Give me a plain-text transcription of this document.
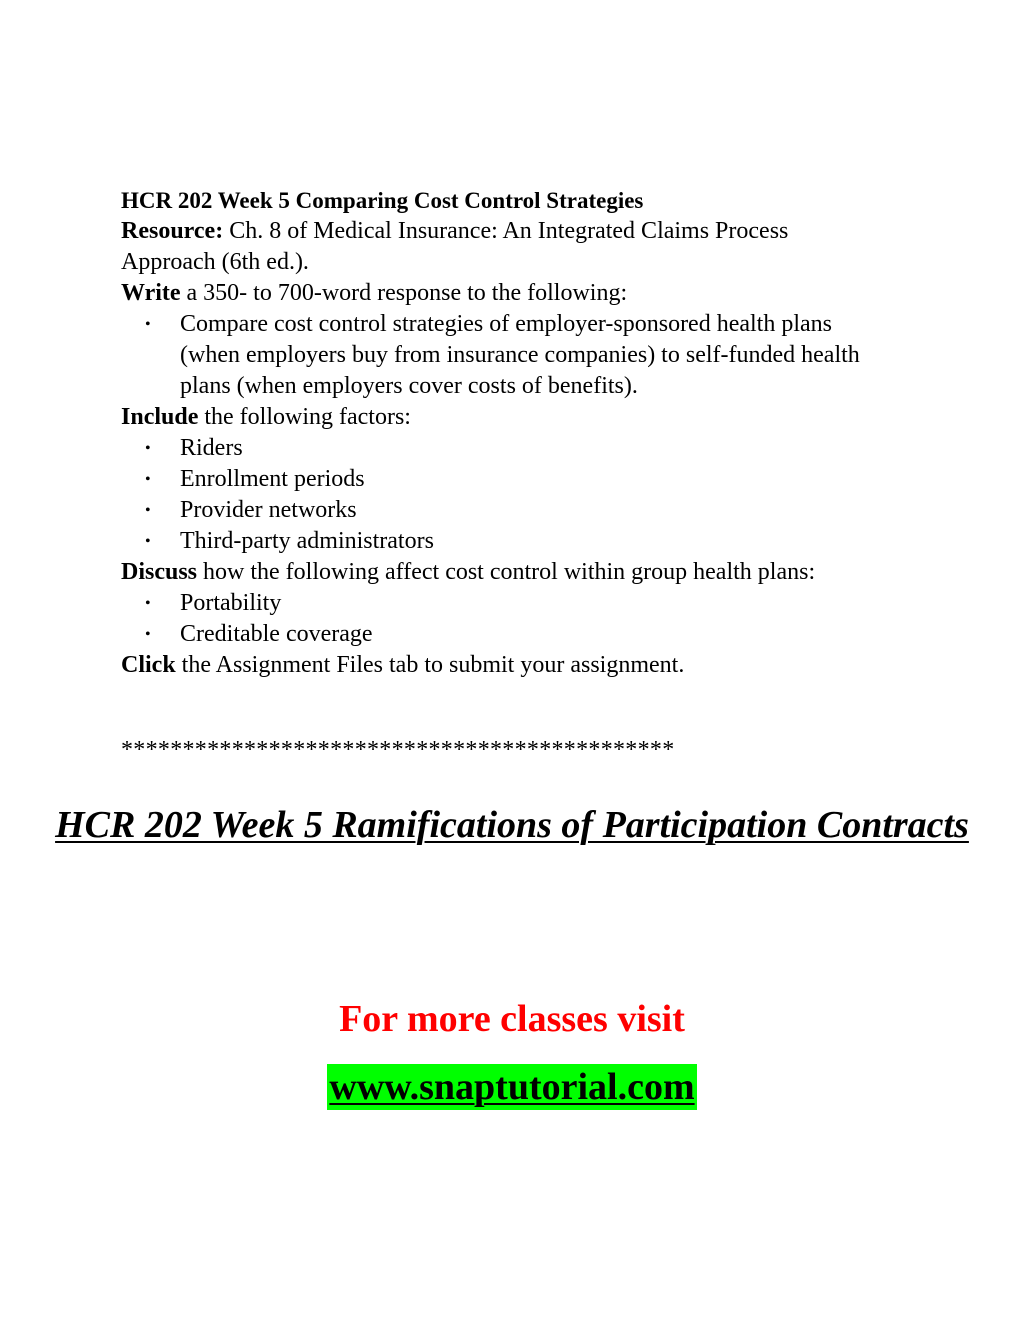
HCR 202 Week 5 Comparing Cost Control Strategies

Resource: Ch. 8 of Medical Insurance: An Integrated Claims Process

Approach (6th ed.).

Write a 350- to 700-word response to the following:

• Compare cost control strategies of employer-sponsored health plans (when employers buy from insurance companies) to self-funded health plans (when employers cover costs of benefits).

Include the following factors:

• Riders
• Enrollment periods
• Provider networks
• Third-party administrators

Discuss how the following affect cost control within group health plans:

• Portability
• Creditable coverage

Click the Assignment Files tab to submit your assignment.

*********************************************
HCR 202 Week 5 Ramifications of Participation Contracts
For more classes visit
www.snaptutorial.com
